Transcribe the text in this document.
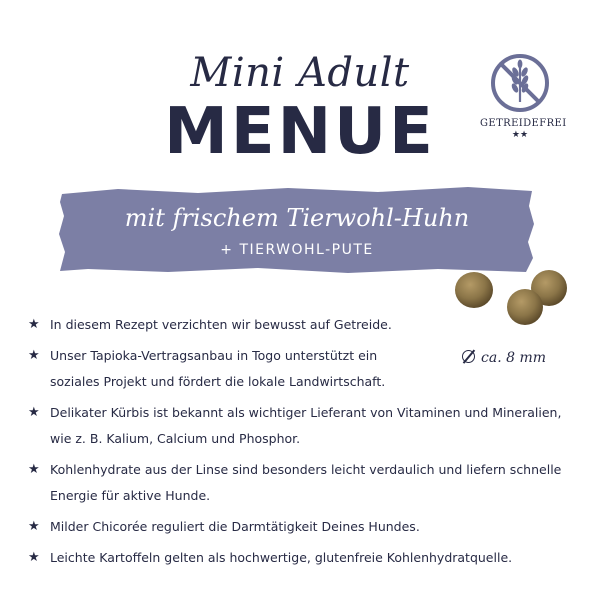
Mini Adult
MENUE	GETREIDEFREI
★★
mit frischem Tierwohl-Huhn
+ TIERWOHL-PUTE
ca. 8 mm
★ In diesem Rezept verzichten wir bewusst auf Getreide.
★ Unser Tapioka-Vertragsanbau in Togo unterstützt ein soziales Projekt und fördert die lokale Landwirtschaft.
★ Delikater Kürbis ist bekannt als wichtiger Lieferant von Vitaminen und Mineralien, wie z. B. Kalium, Calcium und Phosphor.
★ Kohlenhydrate aus der Linse sind besonders leicht verdaulich und liefern schnelle Energie für aktive Hunde.
★ Milder Chicorée reguliert die Darmtätigkeit Deines Hundes.
★ Leichte Kartoffeln gelten als hochwertige, glutenfreie Kohlenhydratquelle.
